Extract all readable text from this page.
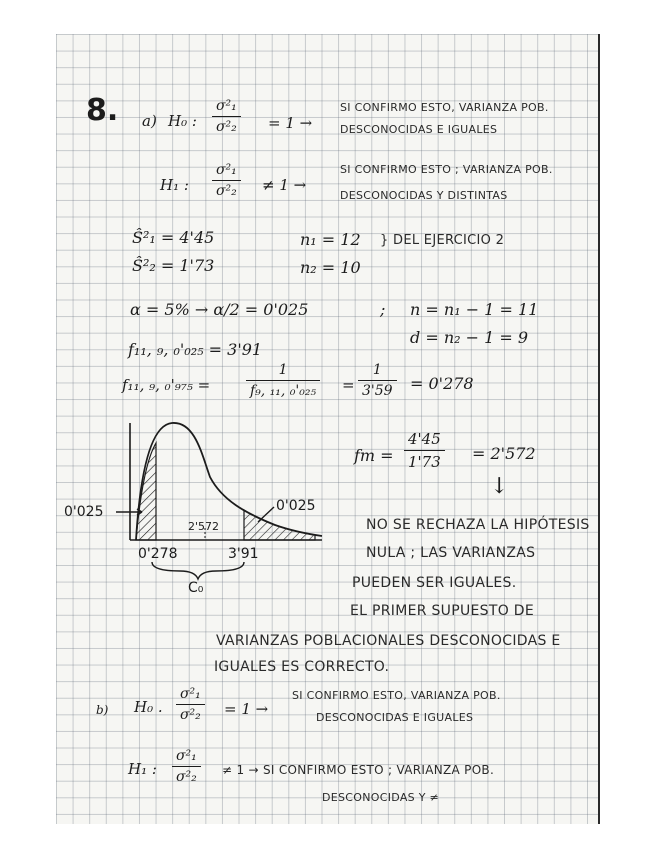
8. a) H₀ : $\frac{\text{σ²₁}}{\text{σ²₂}} = 1$ →
SI CONFIRMO ESTO, VARIANZA POB.
DESCONOCIDAS E IGUALES
H₁ : $\frac{\text{σ²₁}}{\text{σ²₂}} \ne 1$ →
SI CONFIRMO ESTO ; VARIANZA POB.
DESCONOCIDAS Y DISTINTAS
Ŝ²₁ = 4'45
Ŝ²₂ = 1'73
n₁ = 12
n₂ = 10
} DEL EJERCICIO 2
α = 5% → α/2 = 0'025	; n = n₁ − 1 = 11
d = n₂ − 1 = 9
f₁₁, ₉, ₀'₀₂₅ = 3'91
f₁₁, ₉, ₀'₉₇₅ =	$\frac{1}{\text{f₉, ₁₁, ₀'₀₂₅}} = \frac{1}{3'59} = 0'278$
fm = $\frac{4'45}{1'73} = 2'572$
↓
0'025	0'025
2'572
0'278	3'91
C₀
NO SE RECHAZA LA HIPÓTESIS
NULA ; LAS VARIANZAS
PUEDEN SER IGUALES.
EL PRIMER SUPUESTO DE
VARIANZAS POBLACIONALES DESCONOCIDAS E
IGUALES ES CORRECTO.
b) H₀ . $\frac{\text{σ²₁}}{\text{σ²₂}} = 1$ →
SI CONFIRMO ESTO, VARIANZA POB.
DESCONOCIDAS E IGUALES
H₁ : $\frac{\text{σ²₁}}{\text{σ²₂}} \ne 1$ → SI CONFIRMO ESTO ; VARIANZA POB.
DESCONOCIDAS Y ≠
